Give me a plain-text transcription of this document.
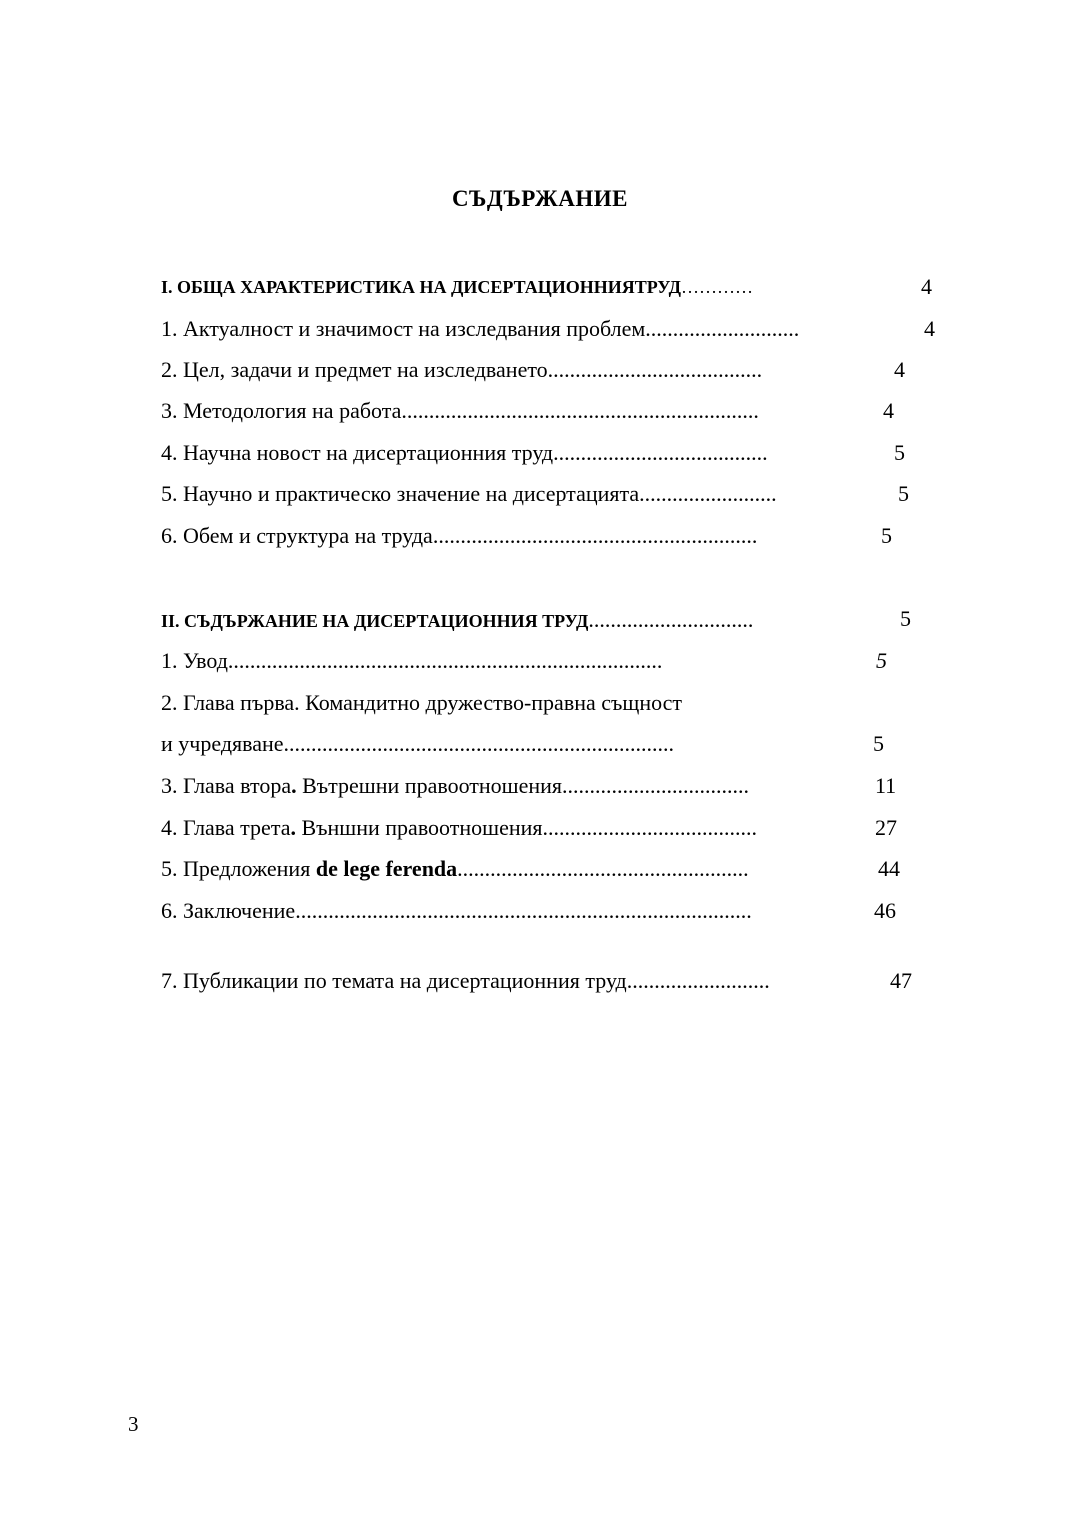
СЪДЪРЖАНИЕ
I. ОБЩА ХАРАКТЕРИСТИКА НА ДИСЕРТАЦИОННИЯТРУД…………	4
1. Актуалност и значимост на изследвания проблем............................	4
2. Цел, задачи и предмет на изследването.......................................	4
3. Методология на работа.................................................................	4
4. Научна новост на дисертационния труд.......................................	5
5. Научно и практическо значение на дисертацията.........................	5
6. Обем и структура на труда...........................................................	5
II. СЪДЪРЖАНИЕ НА ДИСЕРТАЦИОННИЯ ТРУД..............................	5
1. Увод...............................................................................	5
2. Глава първа. Командитно дружество-правна същност
и учредяване.......................................................................	5
3. Глава втора. Вътрешни правоотношения..................................	11
4. Глава трета. Външни правоотношения.......................................	27
5. Предложения de lege ferenda.....................................................	44
6. Заключение...................................................................................	46
7. Публикации по темата на дисертационния труд..........................	47
3
